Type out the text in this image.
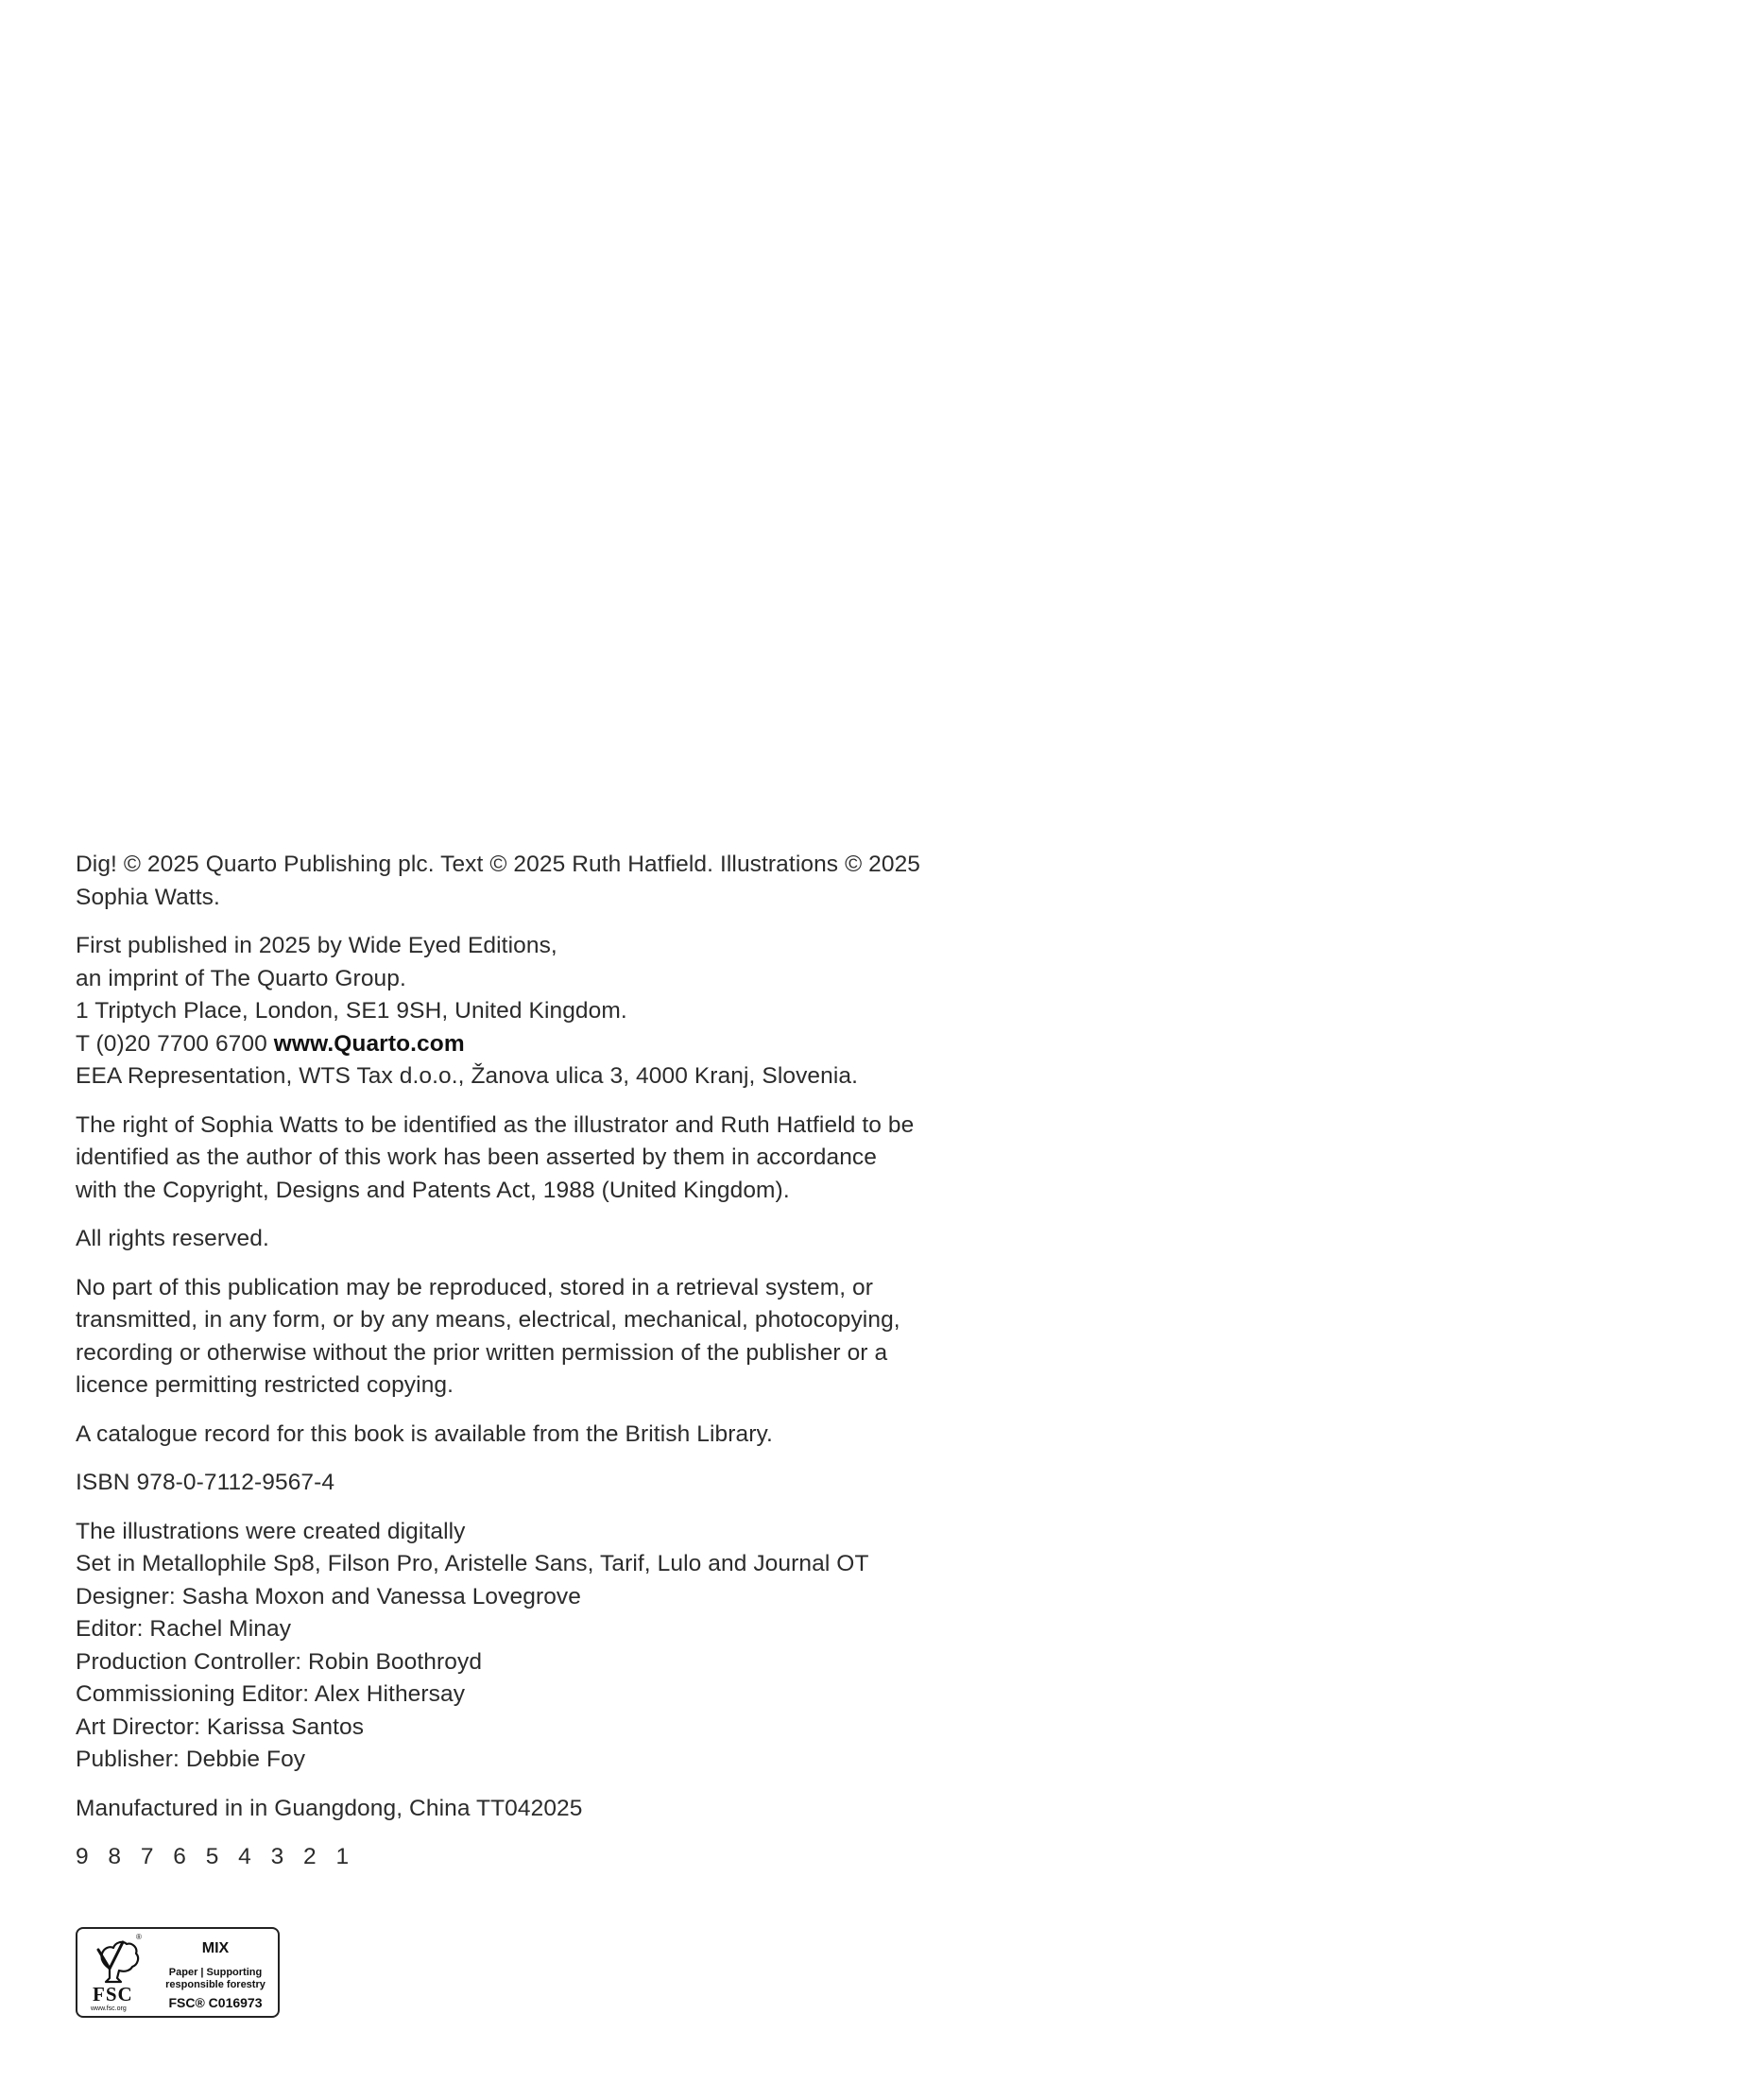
Dig! © 2025 Quarto Publishing plc. Text © 2025 Ruth Hatfield. Illustrations © 2025
Sophia Watts.
First published in 2025 by Wide Eyed Editions,
an imprint of The Quarto Group.
1 Triptych Place, London, SE1 9SH, United Kingdom.
T (0)20 7700 6700 www.Quarto.com
EEA Representation, WTS Tax d.o.o., Žanova ulica 3, 4000 Kranj, Slovenia.
The right of Sophia Watts to be identified as the illustrator and Ruth Hatfield to be
identified as the author of this work has been asserted by them in accordance
with the Copyright, Designs and Patents Act, 1988 (United Kingdom).
All rights reserved.
No part of this publication may be reproduced, stored in a retrieval system, or
transmitted, in any form, or by any means, electrical, mechanical, photocopying,
recording or otherwise without the prior written permission of the publisher or a
licence permitting restricted copying.
A catalogue record for this book is available from the British Library.
ISBN 978-0-7112-9567-4
The illustrations were created digitally
Set in Metallophile Sp8, Filson Pro, Aristelle Sans, Tarif, Lulo and Journal OT
Designer: Sasha Moxon and Vanessa Lovegrove
Editor: Rachel Minay
Production Controller: Robin Boothroyd
Commissioning Editor: Alex Hithersay
Art Director: Karissa Santos
Publisher: Debbie Foy
Manufactured in in Guangdong, China TT042025
9 8 7 6 5 4 3 2 1
®
FSC
www.fsc.org
MIX
Paper | Supporting
responsible forestry
FSC® C016973
